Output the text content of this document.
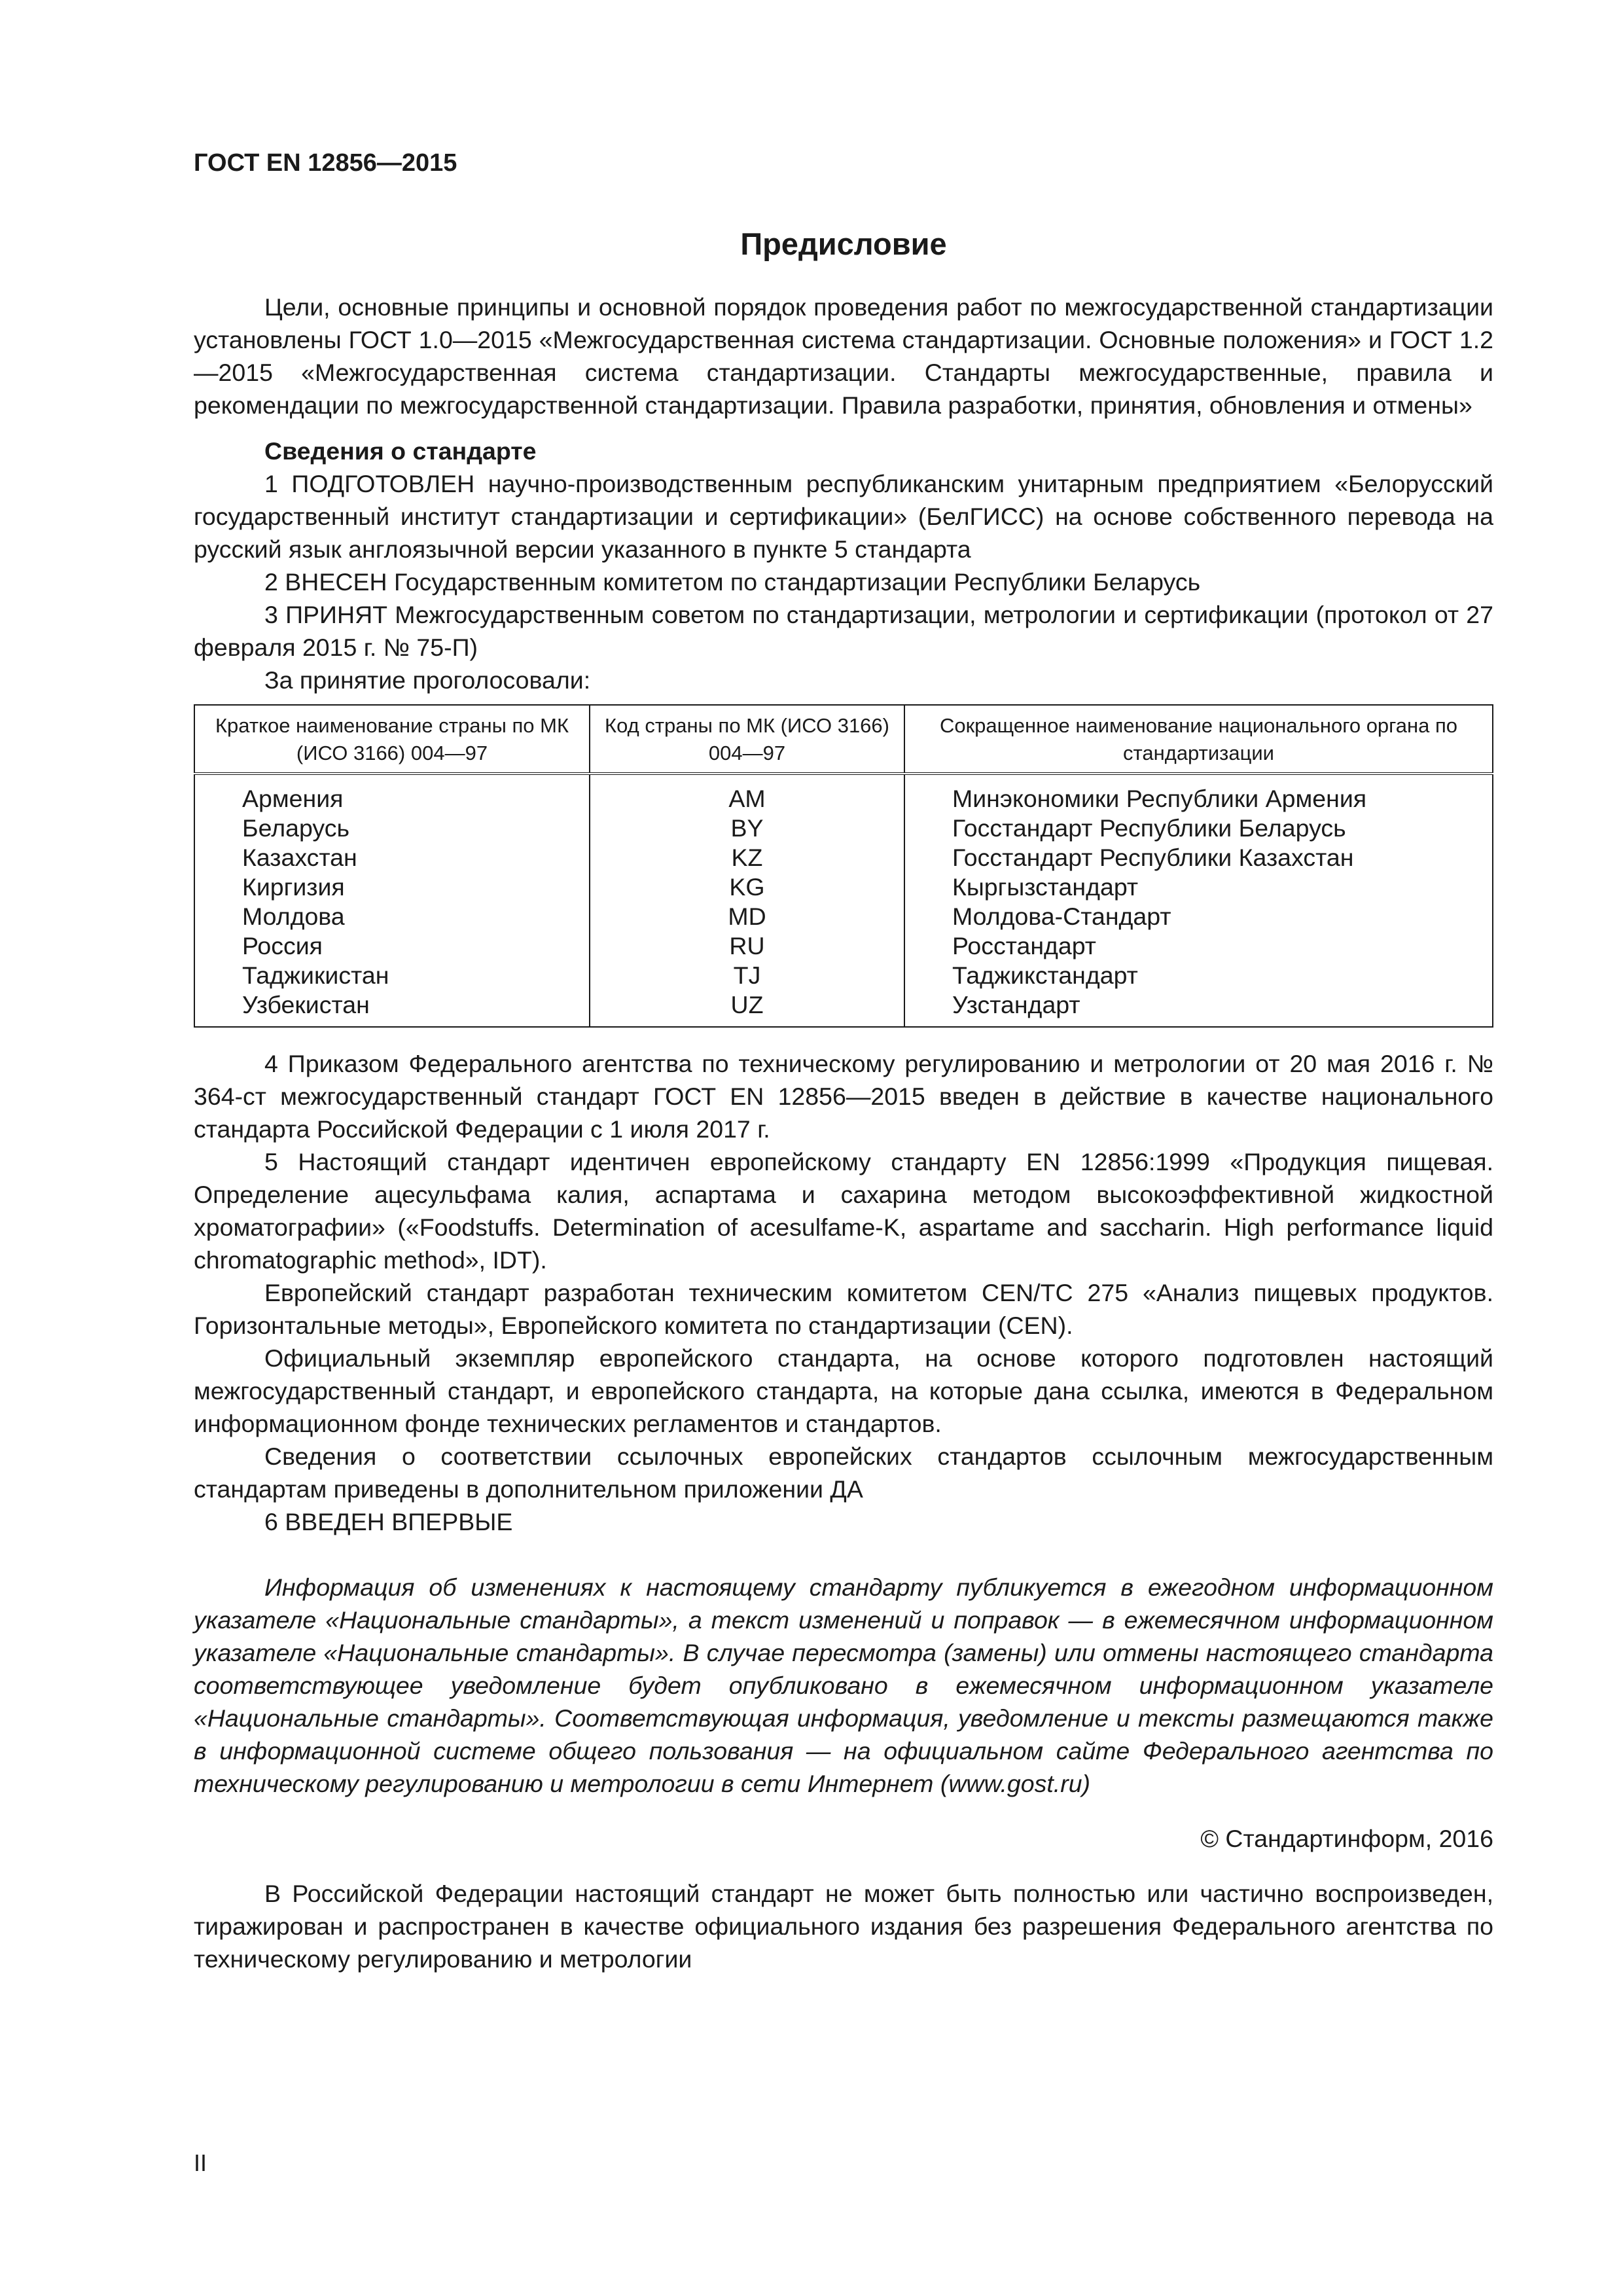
ГОСТ EN 12856—2015
Предисловие

Цели, основные принципы и основной порядок проведения работ по межгосударственной стандартизации установлены ГОСТ 1.0—2015 «Межгосударственная система стандартизации. Основные положения» и ГОСТ 1.2—2015 «Межгосударственная система стандартизации. Стандарты межгосударственные, правила и рекомендации по межгосударственной стандартизации. Правила разработки, принятия, обновления и отмены»

Сведения о стандарте

1 ПОДГОТОВЛЕН научно-производственным республиканским унитарным предприятием «Белорусский государственный институт стандартизации и сертификации» (БелГИСС) на основе собственного перевода на русский язык англоязычной версии указанного в пункте 5 стандарта

2 ВНЕСЕН Государственным комитетом по стандартизации Республики Беларусь

3 ПРИНЯТ Межгосударственным советом по стандартизации, метрологии и сертификации (протокол от 27 февраля 2015 г. № 75-П)

За принятие проголосовали:

Краткое наименование страны по МК (ИСО 3166) 004—97	Код страны по МК (ИСО 3166) 004—97	Сокращенное наименование национального органа по стандартизации
Армения	AM	Минэкономики Республики Армения
Беларусь	BY	Госстандарт Республики Беларусь
Казахстан	KZ	Госстандарт Республики Казахстан
Киргизия	KG	Кыргызстандарт
Молдова	MD	Молдова-Стандарт
Россия	RU	Росстандарт
Таджикистан	TJ	Таджикстандарт
Узбекистан	UZ	Узстандарт

4 Приказом Федерального агентства по техническому регулированию и метрологии от 20 мая 2016 г. № 364-ст межгосударственный стандарт ГОСТ EN 12856—2015 введен в действие в качестве национального стандарта Российской Федерации с 1 июля 2017 г.

5 Настоящий стандарт идентичен европейскому стандарту EN 12856:1999 «Продукция пищевая. Определение ацесульфама калия, аспартама и сахарина методом высокоэффективной жидкостной хроматографии» («Foodstuffs. Determination of acesulfame-K, aspartame and saccharin. High performance liquid chromatographic method», IDT).

Европейский стандарт разработан техническим комитетом CEN/TC 275 «Анализ пищевых продуктов. Горизонтальные методы», Европейского комитета по стандартизации (CEN).

Официальный экземпляр европейского стандарта, на основе которого подготовлен настоящий межгосударственный стандарт, и европейского стандарта, на которые дана ссылка, имеются в Федеральном информационном фонде технических регламентов и стандартов.

Сведения о соответствии ссылочных европейских стандартов ссылочным межгосударственным стандартам приведены в дополнительном приложении ДА

6 ВВЕДЕН ВПЕРВЫЕ

Информация об изменениях к настоящему стандарту публикуется в ежегодном информационном указателе «Национальные стандарты», а текст изменений и поправок — в ежемесячном информационном указателе «Национальные стандарты». В случае пересмотра (замены) или отмены настоящего стандарта соответствующее уведомление будет опубликовано в ежемесячном информационном указателе «Национальные стандарты». Соответствующая информация, уведомление и тексты размещаются также в информационной системе общего пользования — на официальном сайте Федерального агентства по техническому регулированию и метрологии в сети Интернет (www.gost.ru)

© Стандартинформ, 2016

В Российской Федерации настоящий стандарт не может быть полностью или частично воспроизведен, тиражирован и распространен в качестве официального издания без разрешения Федерального агентства по техническому регулированию и метрологии

II
